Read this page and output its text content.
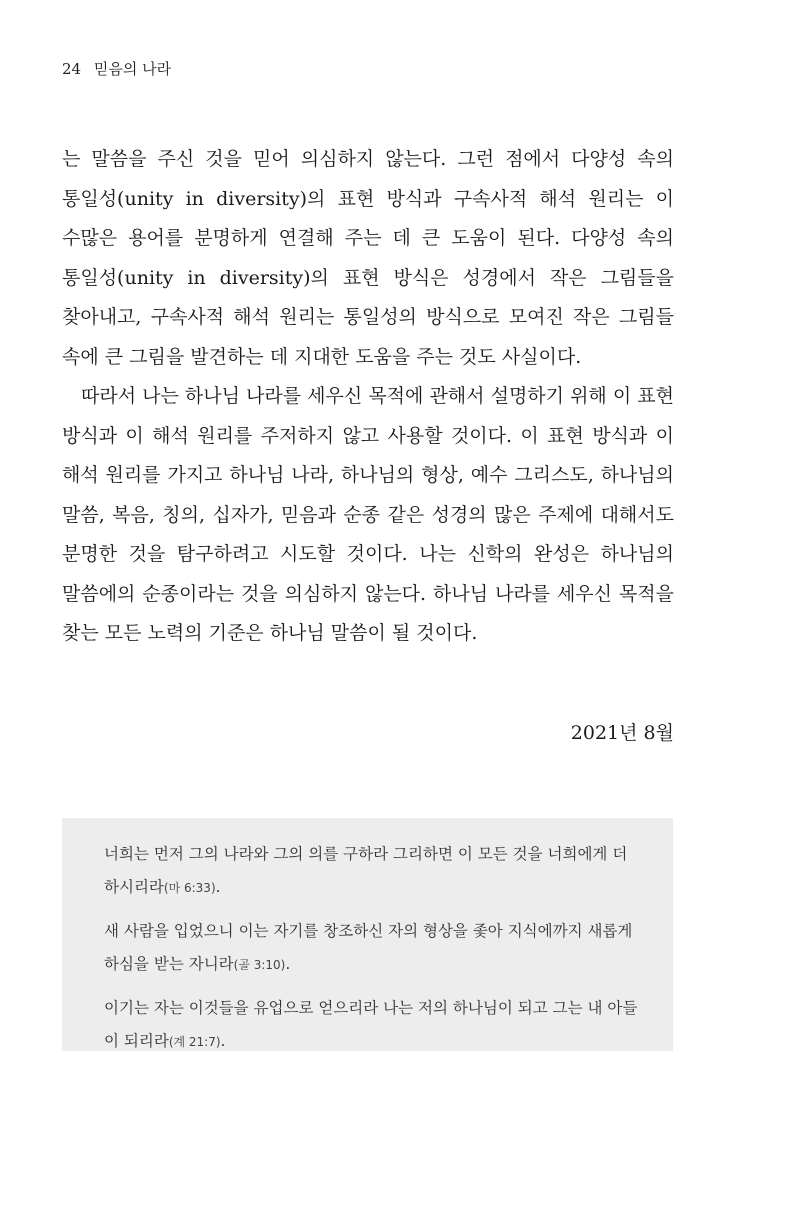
24 믿음의 나라

는 말씀을 주신 것을 믿어 의심하지 않는다. 그런 점에서 다양성 속의 통일성(unity in diversity)의 표현 방식과 구속사적 해석 원리는 이 수많은 용어를 분명하게 연결해 주는 데 큰 도움이 된다. 다양성 속의 통일성(unity in diversity)의 표현 방식은 성경에서 작은 그림들을 찾아내고, 구속사적 해석 원리는 통일성의 방식으로 모여진 작은 그림들 속에 큰 그림을 발견하는 데 지대한 도움을 주는 것도 사실이다.

따라서 나는 하나님 나라를 세우신 목적에 관해서 설명하기 위해 이 표현 방식과 이 해석 원리를 주저하지 않고 사용할 것이다. 이 표현 방식과 이 해석 원리를 가지고 하나님 나라, 하나님의 형상, 예수 그리스도, 하나님의 말씀, 복음, 칭의, 십자가, 믿음과 순종 같은 성경의 많은 주제에 대해서도 분명한 것을 탐구하려고 시도할 것이다. 나는 신학의 완성은 하나님의 말씀에의 순종이라는 것을 의심하지 않는다. 하나님 나라를 세우신 목적을 찾는 모든 노력의 기준은 하나님 말씀이 될 것이다.

2021년 8월

너희는 먼저 그의 나라와 그의 의를 구하라 그리하면 이 모든 것을 너희에게 더하시리라(마 6:33).

새 사람을 입었으니 이는 자기를 창조하신 자의 형상을 좇아 지식에까지 새롭게 하심을 받는 자니라(골 3:10).

이기는 자는 이것들을 유업으로 얻으리라 나는 저의 하나님이 되고 그는 내 아들이 되리라(계 21:7).
